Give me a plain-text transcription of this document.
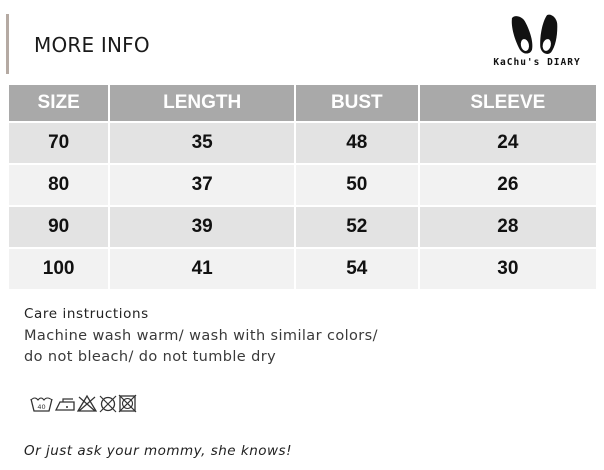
MORE INFO
KaChu's DIARY
SIZE	LENGTH	BUST	SLEEVE
70	35	48	24
80	37	50	26
90	39	52	28
100	41	54	30

Care instructions

Machine wash warm/ wash with similar colors/

do not bleach/ do not tumble dry

40
Or just ask your mommy, she knows!
